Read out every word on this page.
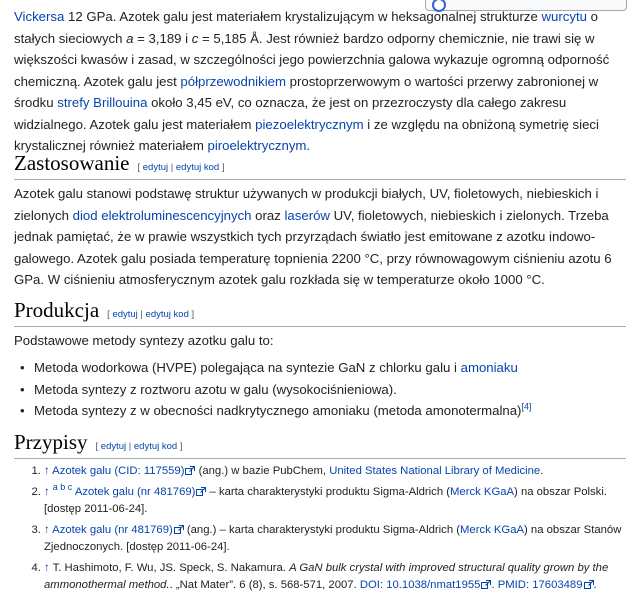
Vickersa 12 GPa. Azotek galu jest materiałem krystalizującym w heksagonalnej strukturze wurcytu o stałych sieciowych a = 3,189 i c = 5,185 Å. Jest również bardzo odporny chemicznie, nie trawi się w większości kwasów i zasad, w szczególności jego powierzchnia galowa wykazuje ogromną odporność chemiczną. Azotek galu jest półprzewodnikiem prostoprzerwowym o wartości przerwy zabronionej w środku strefy Brillouina około 3,45 eV, co oznacza, że jest on przezroczysty dla całego zakresu widzialnego. Azotek galu jest materiałem piezoelektrycznym i ze względu na obniżoną symetrię sieci krystalicznej również materiałem piroelektrycznym.

Zastosowanie [ edytuj | edytuj kod ]

Azotek galu stanowi podstawę struktur używanych w produkcji białych, UV, fioletowych, niebieskich i zielonych diod elektroluminescencyjnych oraz laserów UV, fioletowych, niebieskich i zielonych. Trzeba jednak pamiętać, że w prawie wszystkich tych przyrządach światło jest emitowane z azotku indowo-galowego. Azotek galu posiada temperaturę topnienia 2200 °C, przy równowagowym ciśnieniu azotu 6 GPa. W ciśnieniu atmosferycznym azotek galu rozkłada się w temperaturze około 1000 °C.

Produkcja [ edytuj | edytuj kod ]

Podstawowe metody syntezy azotku galu to:

• Metoda wodorkowa (HVPE) polegająca na syntezie GaN z chlorku galu i amoniaku
• Metoda syntezy z roztworu azotu w galu (wysokociśnieniowa).
• Metoda syntezy z w obecności nadkrytycznego amoniaku (metoda amonotermalna)[4]
Przypisy [ edytuj | edytuj kod ]
1. ↑ Azotek galu (CID: 117559) (ang.) w bazie PubChem, United States National Library of Medicine.
2. ↑ $^{a b c}$ Azotek galu (nr 481769) – karta charakterystyki produktu Sigma-Aldrich (Merck KGaA) na obszar Polski. [dostęp 2011-06-24].
3. ↑ Azotek galu (nr 481769) (ang.) – karta charakterystyki produktu Sigma-Aldrich (Merck KGaA) na obszar Stanów Zjednoczonych. [dostęp 2011-06-24].
4. ↑ T. Hashimoto, F. Wu, JS. Speck, S. Nakamura. A GaN bulk crystal with improved structural quality grown by the ammonothermal method.. „Nat Mater”. 6 (8), s. 568-571, 2007. DOI: 10.1038/nmat1955 . PMID: 17603489 .
